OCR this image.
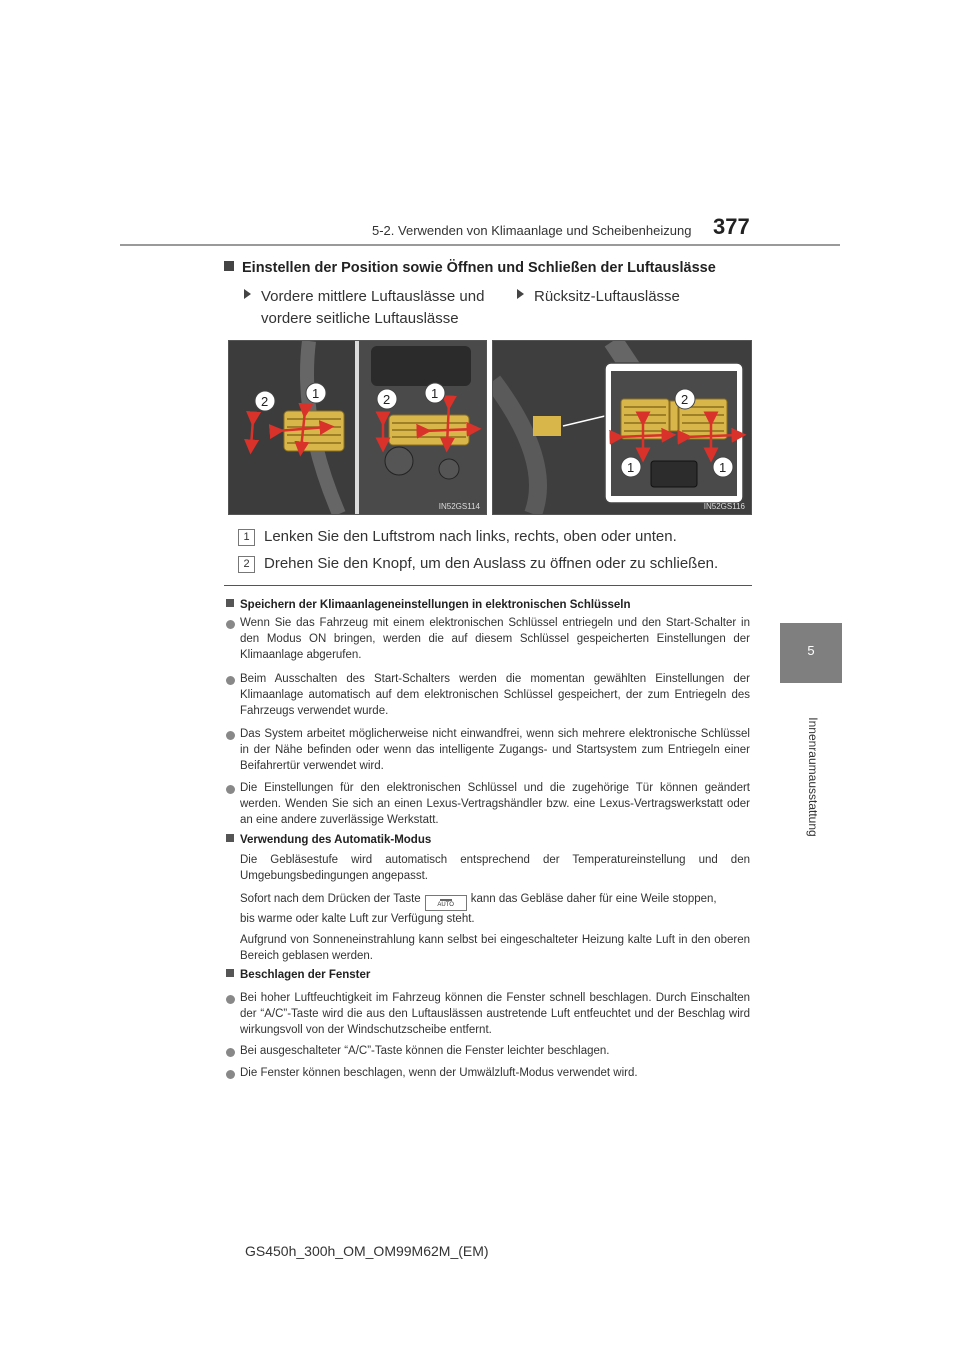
5-2. Verwenden von Klimaanlage und Scheibenheizung 377
5
Innenraumausstattung
Einstellen der Position sowie Öffnen und Schließen der Luftauslässe
Vordere mittlere Luftauslässe und
vordere seitliche Luftauslässe
Rücksitz-Luftauslässe
2
1	2	1
IN52GS114
2
1	1
IN52GS116
1 Lenken Sie den Luftstrom nach links, rechts, oben oder unten.
2 Drehen Sie den Knopf, um den Auslass zu öffnen oder zu schließen.
Speichern der Klimaanlageneinstellungen in elektronischen Schlüsseln
Wenn Sie das Fahrzeug mit einem elektronischen Schlüssel entriegeln und den Start-Schalter in den Modus ON bringen, werden die auf diesem Schlüssel gespeicherten Einstellungen der Klimaanlage abgerufen.
Beim Ausschalten des Start-Schalters werden die momentan gewählten Einstellungen der Klimaanlage automatisch auf dem elektronischen Schlüssel gespeichert, der zum Entriegeln des Fahrzeugs verwendet wurde.
Das System arbeitet möglicherweise nicht einwandfrei, wenn sich mehrere elektronische Schlüssel in der Nähe befinden oder wenn das intelligente Zugangs- und Startsystem zum Entriegeln einer Beifahrertür verwendet wird.
Die Einstellungen für den elektronischen Schlüssel und die zugehörige Tür können geändert werden. Wenden Sie sich an einen Lexus-Vertragshändler bzw. eine Lexus-Vertragswerkstatt oder an eine andere zuverlässige Werkstatt.
Verwendung des Automatik-Modus
Die Gebläsestufe wird automatisch entsprechend der Temperatureinstellung und den Umgebungsbedingungen angepasst.
Sofort nach dem Drücken der Taste	AUTO kann das Gebläse daher für eine Weile stoppen,
bis warme oder kalte Luft zur Verfügung steht.
Aufgrund von Sonneneinstrahlung kann selbst bei eingeschalteter Heizung kalte Luft in den oberen Bereich geblasen werden.
Beschlagen der Fenster
Bei hoher Luftfeuchtigkeit im Fahrzeug können die Fenster schnell beschlagen. Durch Einschalten der “A/C”-Taste wird die aus den Luftauslässen austretende Luft entfeuchtet und der Beschlag wird wirkungsvoll von der Windschutzscheibe entfernt.
Bei ausgeschalteter “A/C”-Taste können die Fenster leichter beschlagen.
Die Fenster können beschlagen, wenn der Umwälzluft-Modus verwendet wird.
GS450h_300h_OM_OM99M62M_(EM)
